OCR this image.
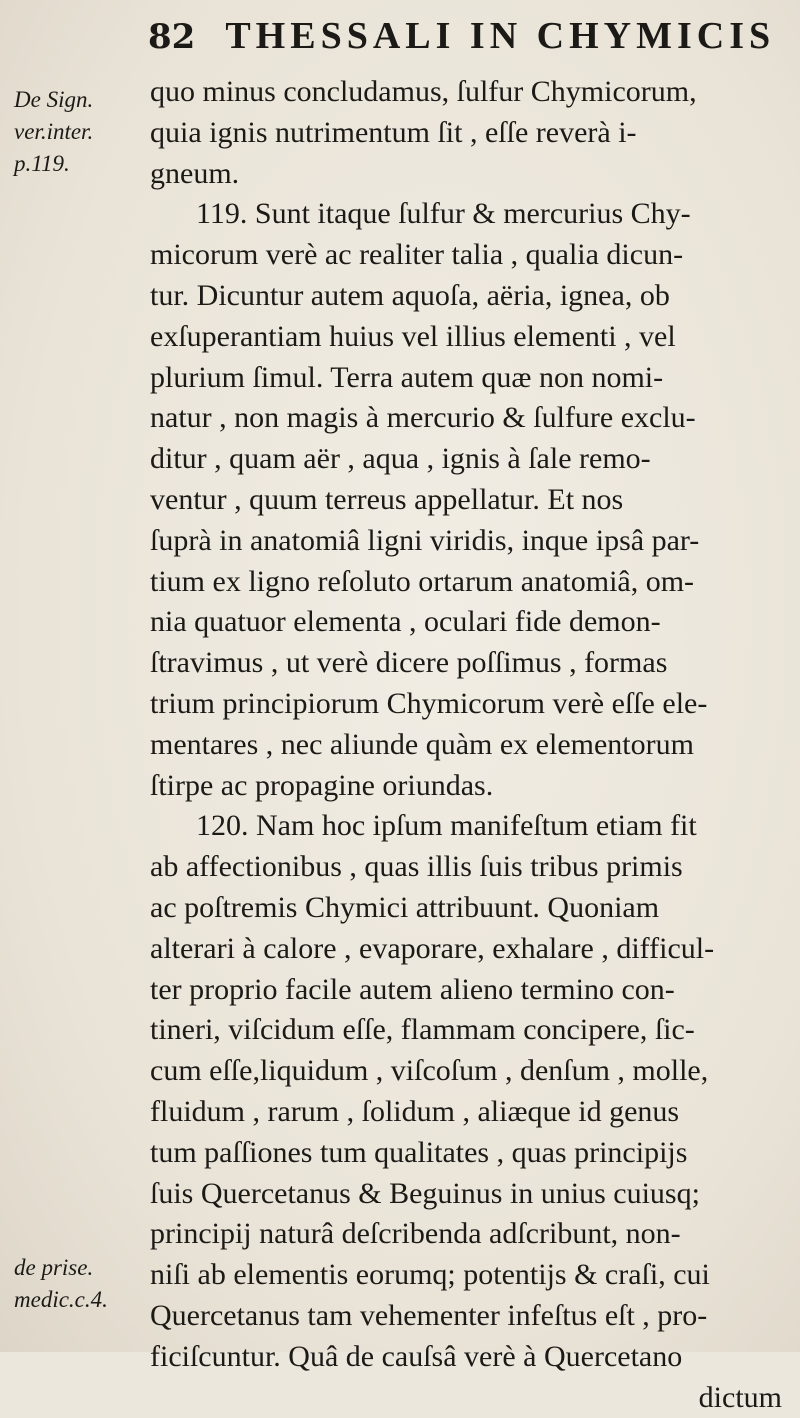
82 THESSALI IN CHYMICIS
De Sign.
ver.inter.
p.119.
de prise.
medic.c.4.
quo minus concludamus, ſulfur Chymicorum,
quia ignis nutrimentum ſit , eſſe reverà i-
gneum.
119. Sunt itaque ſulfur & mercurius Chy-
micorum verè ac realiter talia , qualia dicun-
tur. Dicuntur autem aquoſa, aëria, ignea, ob
exſuperantiam huius vel illius elementi , vel
plurium ſimul. Terra autem quæ non nomi-
natur , non magis à mercurio & ſulfure exclu-
ditur , quam aër , aqua , ignis à ſale remo-
ventur , quum terreus appellatur. Et nos
ſuprà in anatomiâ ligni viridis, inque ipsâ par-
tium ex ligno reſoluto ortarum anatomiâ, om-
nia quatuor elementa , oculari fide demon-
ſtravimus , ut verè dicere poſſimus , formas
trium principiorum Chymicorum verè eſſe ele-
mentares , nec aliunde quàm ex elementorum
ſtirpe ac propagine oriundas.
120. Nam hoc ipſum manifeſtum etiam fit
ab affectionibus , quas illis ſuis tribus primis
ac poſtremis Chymici attribuunt. Quoniam
alterari à calore , evaporare, exhalare , difficul-
ter proprio facile autem alieno termino con-
tineri, viſcidum eſſe, flammam concipere, ſic-
cum eſſe,liquidum , viſcoſum , denſum , molle,
fluidum , rarum , ſolidum , aliæque id genus
tum paſſiones tum qualitates , quas principijs
ſuis Quercetanus & Beguinus in unius cuiusq;
principij naturâ deſcribenda adſcribunt, non-
niſi ab elementis eorumq; potentijs & craſi, cui
Quercetanus tam vehementer infeſtus eſt , pro-
ficiſcuntur. Quâ de cauſsâ verè à Quercetano
dictum
